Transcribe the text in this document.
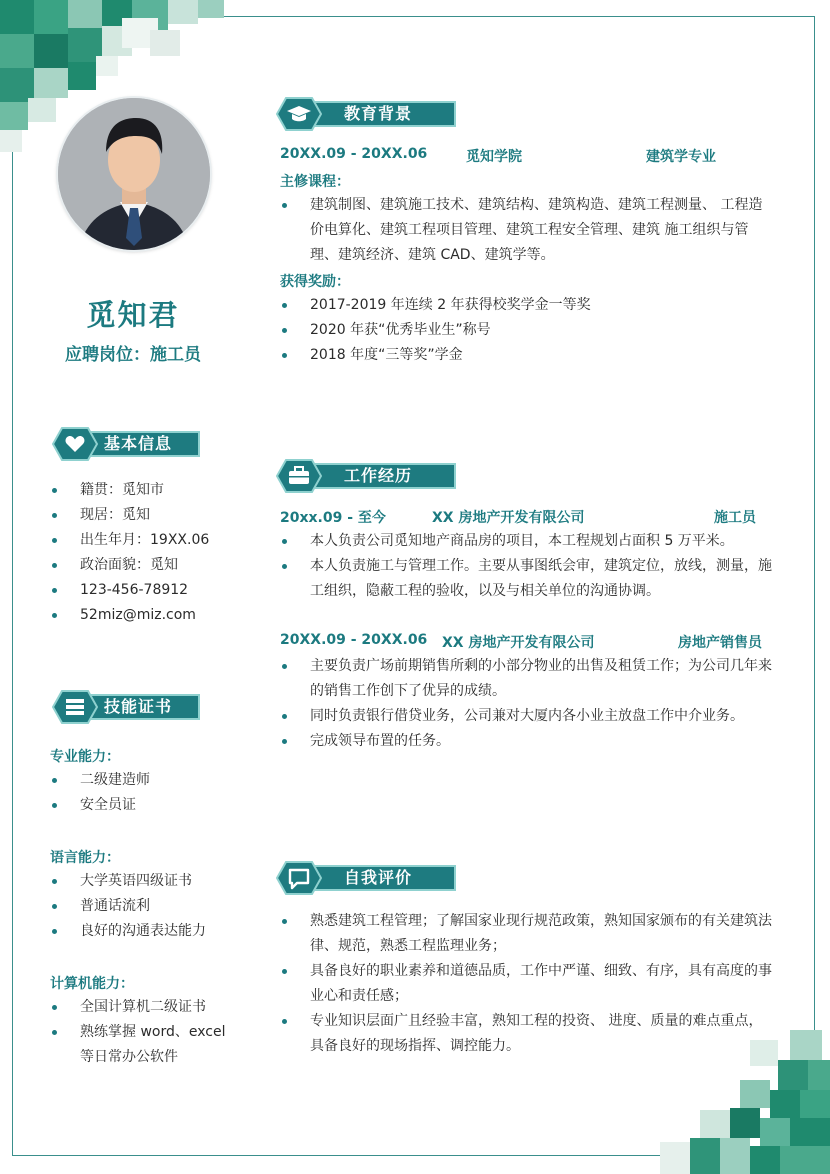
觅知君
应聘岗位：施工员
基本信息
籍贯：觅知市
现居：觅知
出生年月：19XX.06
政治面貌：觅知
123-456-78912
52miz@miz.com
技能证书
专业能力：
二级建造师
安全员证
语言能力：
大学英语四级证书
普通话流利
良好的沟通表达能力
计算机能力：
全国计算机二级证书
熟练掌握 word、excel
等日常办公软件
教育背景
20XX.09 - 20XX.06	觅知学院	建筑学专业
主修课程：
建筑制图、建筑施工技术、建筑结构、建筑构造、建筑工程测量、 工程造价电算化、建筑工程项目管理、建筑工程安全管理、建筑 施工组织与管理、建筑经济、建筑 CAD、建筑学等。
获得奖励：
2017-2019 年连续 2 年获得校奖学金一等奖
2020 年获“优秀毕业生”称号
2018 年度“三等奖”学金
工作经历
20xx.09 - 至今	XX 房地产开发有限公司	施工员
本人负责公司觅知地产商品房的项目，本工程规划占面积 5 万平米。
本人负责施工与管理工作。主要从事图纸会审，建筑定位，放线，测量，施工组织，隐蔽工程的验收，以及与相关单位的沟通协调。
20XX.09 - 20XX.06 XX 房地产开发有限公司	房地产销售员
主要负责广场前期销售所剩的小部分物业的出售及租赁工作；为公司几年来的销售工作创下了优异的成绩。
同时负责银行借贷业务，公司兼对大厦内各小业主放盘工作中介业务。
完成领导布置的任务。
自我评价
熟悉建筑工程管理；了解国家业现行规范政策，熟知国家颁布的有关建筑法律、规范，熟悉工程监理业务；
具备良好的职业素养和道德品质，工作中严谨、细致、有序，具有高度的事业心和责任感；
专业知识层面广且经验丰富，熟知工程的投资、 进度、质量的难点重点，具备良好的现场指挥、调控能力。
